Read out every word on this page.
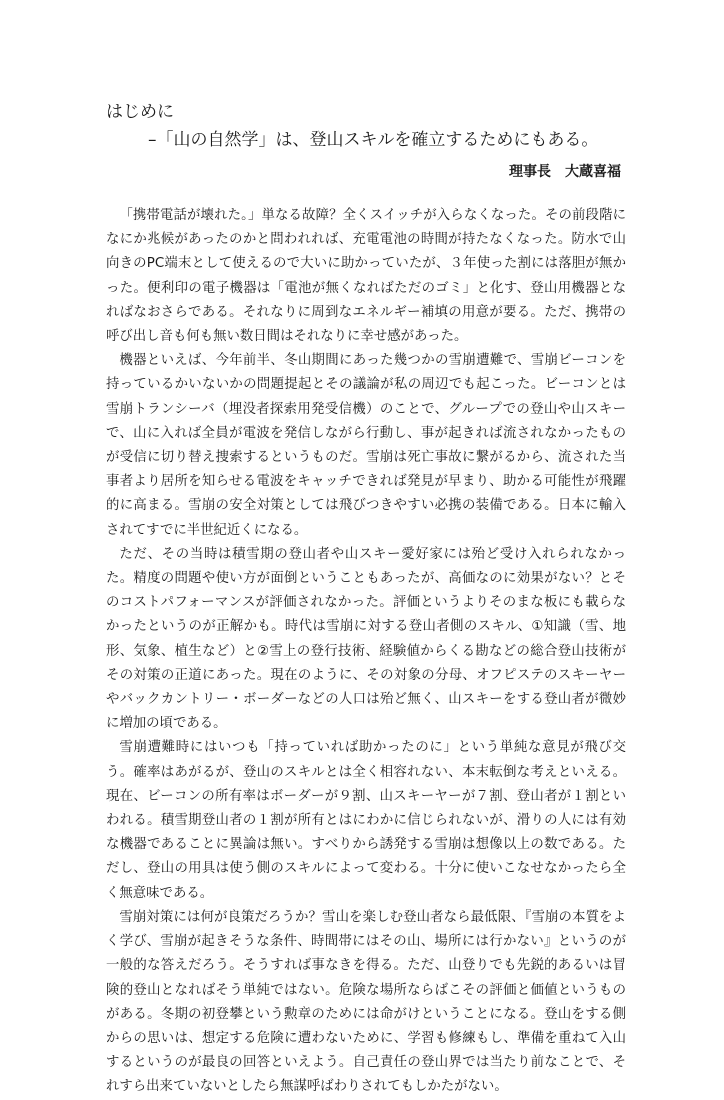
はじめに
–「山の自然学」は、登山スキルを確立するためにもある。

理事長 大蔵喜福

「携帯電話が壊れた。」単なる故障？全くスイッチが入らなくなった。その前段階になにか兆候があったのかと問われれば、充電電池の時間が持たなくなった。防水で山向きのPC端末として使えるので大いに助かっていたが、３年使った割には落胆が無かった。便利印の電子機器は「電池が無くなればただのゴミ」と化す、登山用機器となればなおさらである。それなりに周到なエネルギー補填の用意が要る。ただ、携帯の呼び出し音も何も無い数日間はそれなりに幸せ感があった。

機器といえば、今年前半、冬山期間にあった幾つかの雪崩遭難で、雪崩ビーコンを持っているかいないかの問題提起とその議論が私の周辺でも起こった。ビーコンとは雪崩トランシーバ（埋没者探索用発受信機）のことで、グループでの登山や山スキーで、山に入れば全員が電波を発信しながら行動し、事が起きれば流されなかったものが受信に切り替え捜索するというものだ。雪崩は死亡事故に繋がるから、流された当事者より居所を知らせる電波をキャッチできれば発見が早まり、助かる可能性が飛躍的に高まる。雪崩の安全対策としては飛びつきやすい必携の装備である。日本に輸入されてすでに半世紀近くになる。

ただ、その当時は積雪期の登山者や山スキー愛好家には殆ど受け入れられなかった。精度の問題や使い方が面倒ということもあったが、高価なのに効果がない？とそのコストパフォーマンスが評価されなかった。評価というよりそのまな板にも載らなかったというのが正解かも。時代は雪崩に対する登山者側のスキル、①知識（雪、地形、気象、植生など）と②雪上の登行技術、経験値からくる勘などの総合登山技術がその対策の正道にあった。現在のように、その対象の分母、オフピステのスキーヤーやバックカントリー・ボーダーなどの人口は殆ど無く、山スキーをする登山者が微妙に増加の頃である。

雪崩遭難時にはいつも「持っていれば助かったのに」という単純な意見が飛び交う。確率はあがるが、登山のスキルとは全く相容れない、本末転倒な考えといえる。現在、ビーコンの所有率はボーダーが９割、山スキーヤーが７割、登山者が１割といわれる。積雪期登山者の１割が所有とはにわかに信じられないが、滑りの人には有効な機器であることに異論は無い。すべりから誘発する雪崩は想像以上の数である。ただし、登山の用具は使う側のスキルによって変わる。十分に使いこなせなかったら全く無意味である。

雪崩対策には何が良策だろうか？雪山を楽しむ登山者なら最低限、『雪崩の本質をよく学び、雪崩が起きそうな条件、時間帯にはその山、場所には行かない』というのが一般的な答えだろう。そうすれば事なきを得る。ただ、山登りでも先鋭的あるいは冒険的登山となればそう単純ではない。危険な場所ならばこその評価と価値というものがある。冬期の初登攀という勲章のためには命がけということになる。登山をする側からの思いは、想定する危険に遭わないために、学習も修練もし、準備を重ねて入山するというのが最良の回答といえよう。自己責任の登山界では当たり前なことで、それすら出来ていないとしたら無謀呼ばわりされてもしかたがない。
